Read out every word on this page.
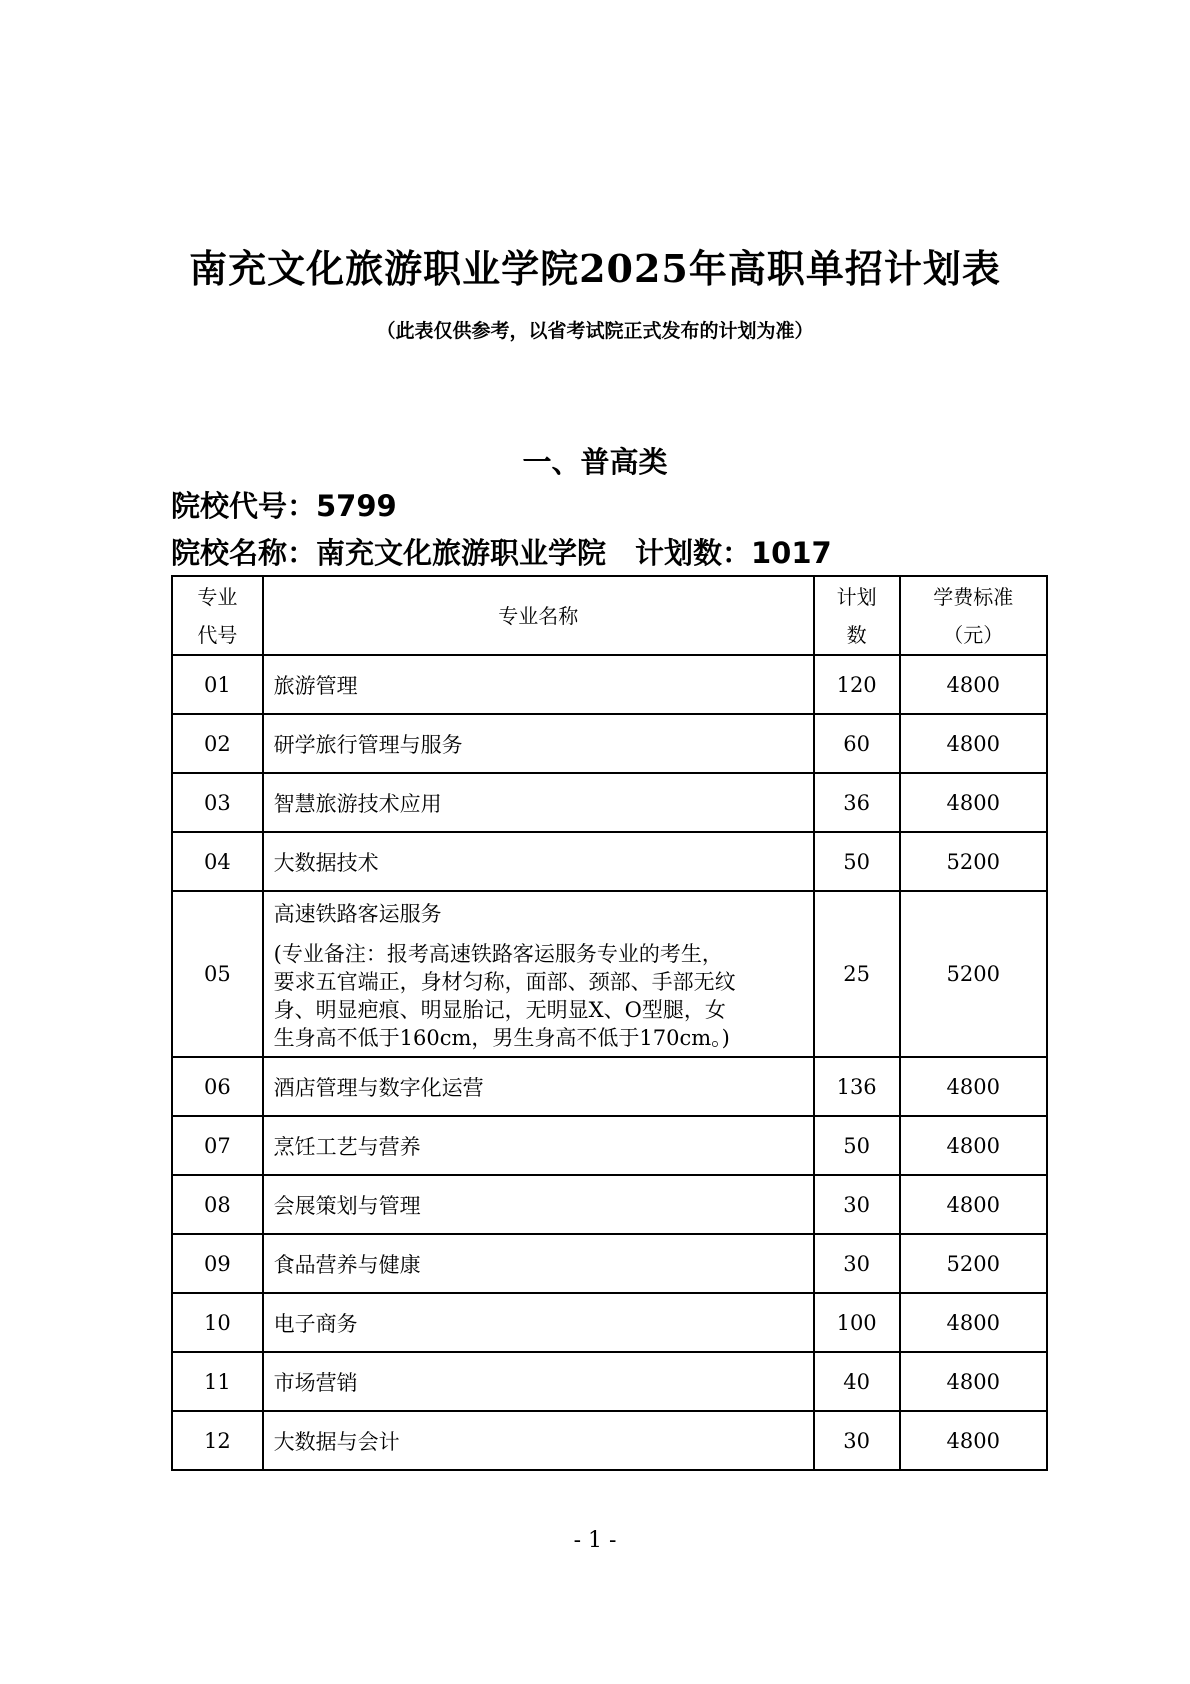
南充文化旅游职业学院2025年高职单招计划表
（此表仅供参考，以省考试院正式发布的计划为准）
一、普高类
院校代号：5799
院校名称：南充文化旅游职业学院　计划数：1017
专业代号	专业名称	计划数	学费标准（元）

01	旅游管理	120	4800
02	研学旅行管理与服务	60	4800
03	智慧旅游技术应用	36	4800
04	大数据技术	50	5200
05	高速铁路客运服务
(专业备注：报考高速铁路客运服务专业的考生，要求五官端正，身材匀称，面部、颈部、手部无纹身、明显疤痕、明显胎记，无明显X、O型腿，女生身高不低于160cm，男生身高不低于170cm。)	25	5200
06	酒店管理与数字化运营	136	4800
07	烹饪工艺与营养	50	4800
08	会展策划与管理	30	4800
09	食品营养与健康	30	5200
10	电子商务	100	4800
11	市场营销	40	4800
12	大数据与会计	30	4800
- 1 -
